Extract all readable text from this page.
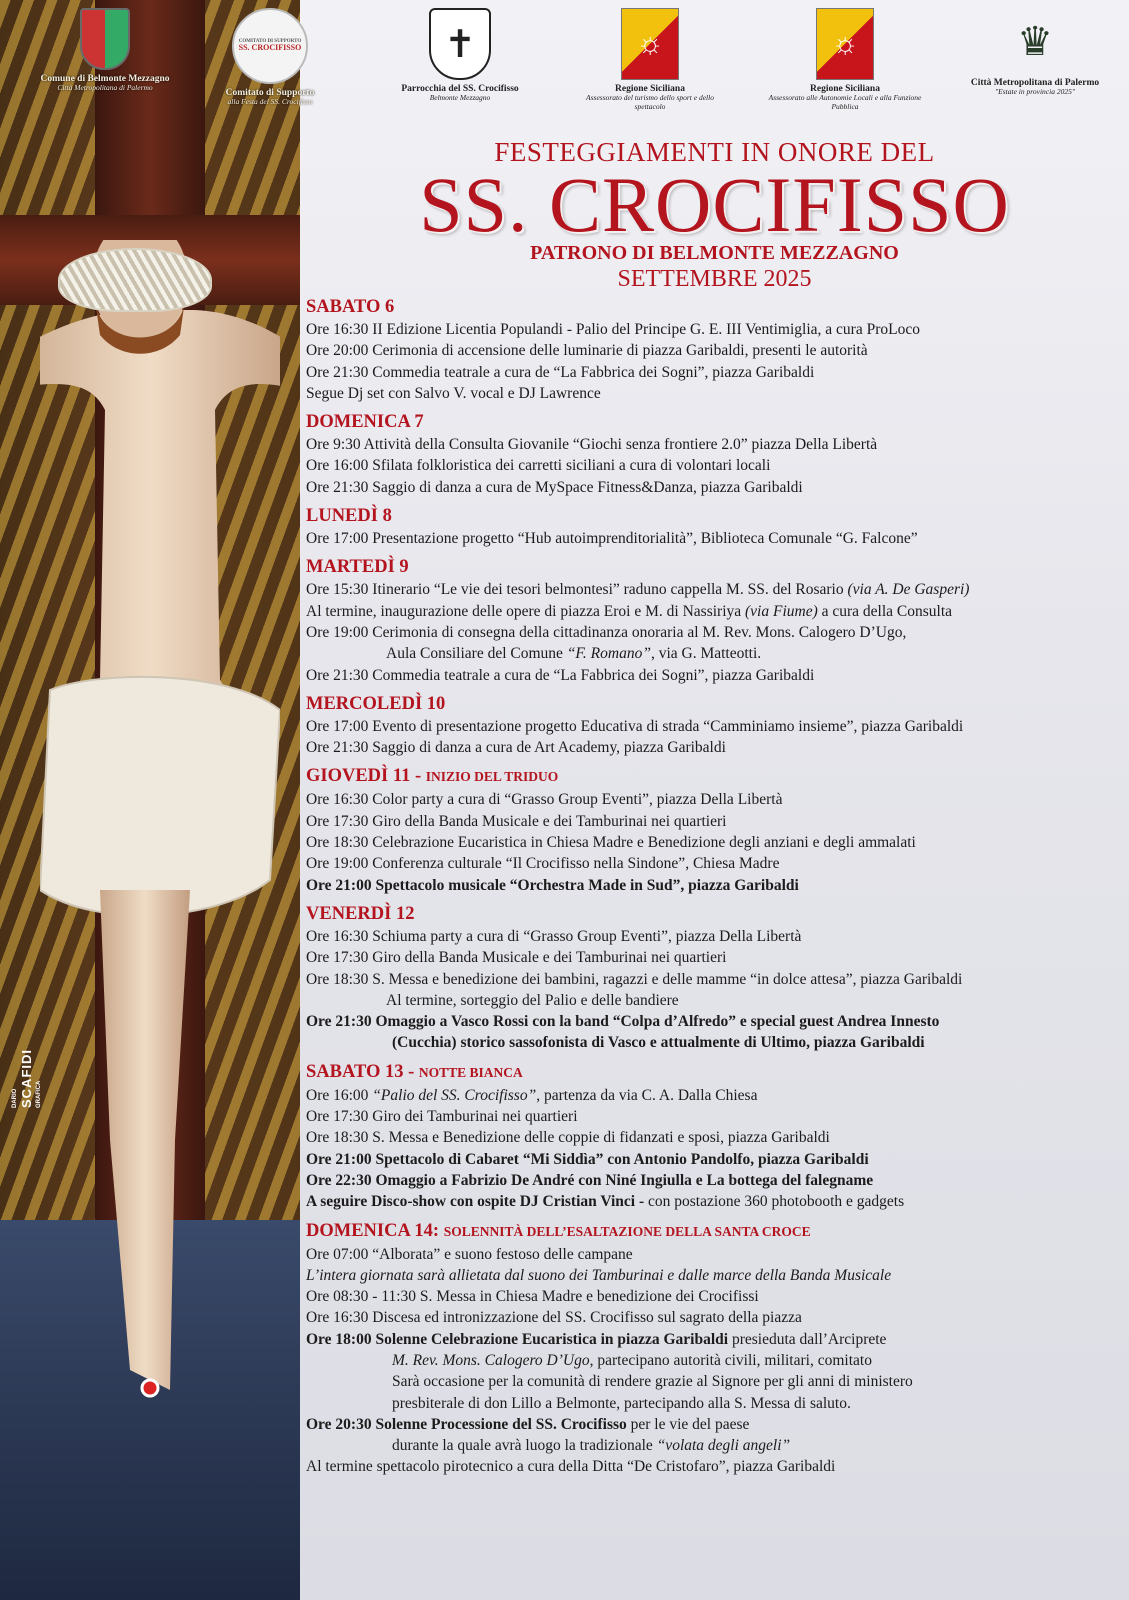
DARIO SCAFIDI GRAFICA
Comune di Belmonte Mezzagno
Città Metropolitana di Palermo
COMITATO DI SUPPORTO
SS. CROCIFISSO
Comitato di Supporto
alla Festa del SS. Crocifisso
✝
Parrocchia del SS. Crocifisso
Belmonte Mezzagno
☼
Regione Siciliana
Assessorato del turismo dello sport e dello spettacolo
☼
Regione Siciliana
Assessorato alle Autonomie Locali e alla Funzione Pubblica
♛
Città Metropolitana di Palermo
"Estate in provincia 2025"
FESTEGGIAMENTI IN ONORE DEL
SS. CROCIFISSO
PATRONO DI BELMONTE MEZZAGNO
SETTEMBRE 2025
SABATO 6
Ore 16:30 II Edizione Licentia Populandi - Palio del Principe G. E. III Ventimiglia, a cura ProLoco
Ore 20:00 Cerimonia di accensione delle luminarie di piazza Garibaldi, presenti le autorità
Ore 21:30 Commedia teatrale a cura de “La Fabbrica dei Sogni”, piazza Garibaldi
Segue Dj set con Salvo V. vocal e DJ Lawrence
DOMENICA 7
Ore 9:30 Attività della Consulta Giovanile “Giochi senza frontiere 2.0” piazza Della Libertà
Ore 16:00 Sfilata folkloristica dei carretti siciliani a cura di volontari locali
Ore 21:30 Saggio di danza a cura de MySpace Fitness&Danza, piazza Garibaldi
LUNEDÌ 8
Ore 17:00 Presentazione progetto “Hub autoimprenditorialità”, Biblioteca Comunale “G. Falcone”
MARTEDÌ 9
Ore 15:30 Itinerario “Le vie dei tesori belmontesi” raduno cappella M. SS. del Rosario (via A. De Gasperi)
Al termine, inaugurazione delle opere di piazza Eroi e M. di Nassiriya (via Fiume) a cura della Consulta
Ore 19:00 Cerimonia di consegna della cittadinanza onoraria al M. Rev. Mons. Calogero D’Ugo,
Aula Consiliare del Comune “F. Romano”, via G. Matteotti.
Ore 21:30 Commedia teatrale a cura de “La Fabbrica dei Sogni”, piazza Garibaldi
MERCOLEDÌ 10
Ore 17:00 Evento di presentazione progetto Educativa di strada “Camminiamo insieme”, piazza Garibaldi
Ore 21:30 Saggio di danza a cura de Art Academy, piazza Garibaldi
GIOVEDÌ 11 - INIZIO DEL TRIDUO
Ore 16:30 Color party a cura di “Grasso Group Eventi”, piazza Della Libertà
Ore 17:30 Giro della Banda Musicale e dei Tamburinai nei quartieri
Ore 18:30 Celebrazione Eucaristica in Chiesa Madre e Benedizione degli anziani e degli ammalati
Ore 19:00 Conferenza culturale “Il Crocifisso nella Sindone”, Chiesa Madre
Ore 21:00 Spettacolo musicale “Orchestra Made in Sud”, piazza Garibaldi
VENERDÌ 12
Ore 16:30 Schiuma party a cura di “Grasso Group Eventi”, piazza Della Libertà
Ore 17:30 Giro della Banda Musicale e dei Tamburinai nei quartieri
Ore 18:30 S. Messa e benedizione dei bambini, ragazzi e delle mamme “in dolce attesa”, piazza Garibaldi
Al termine, sorteggio del Palio e delle bandiere
Ore 21:30 Omaggio a Vasco Rossi con la band “Colpa d’Alfredo” e special guest Andrea Innesto
(Cucchia) storico sassofonista di Vasco e attualmente di Ultimo, piazza Garibaldi
SABATO 13 - NOTTE BIANCA
Ore 16:00 “Palio del SS. Crocifisso”, partenza da via C. A. Dalla Chiesa
Ore 17:30 Giro dei Tamburinai nei quartieri
Ore 18:30 S. Messa e Benedizione delle coppie di fidanzati e sposi, piazza Garibaldi
Ore 21:00 Spettacolo di Cabaret “Mi Siddìa” con Antonio Pandolfo, piazza Garibaldi
Ore 22:30 Omaggio a Fabrizio De André con Niné Ingiulla e La bottega del falegname
A seguire Disco-show con ospite DJ Cristian Vinci - con postazione 360 photobooth e gadgets
DOMENICA 14: SOLENNITÀ DELL’ESALTAZIONE DELLA SANTA CROCE
Ore 07:00 “Alborata” e suono festoso delle campane
L’intera giornata sarà allietata dal suono dei Tamburinai e dalle marce della Banda Musicale
Ore 08:30 - 11:30 S. Messa in Chiesa Madre e benedizione dei Crocifissi
Ore 16:30 Discesa ed intronizzazione del SS. Crocifisso sul sagrato della piazza
Ore 18:00 Solenne Celebrazione Eucaristica in piazza Garibaldi presieduta dall’Arciprete
M. Rev. Mons. Calogero D’Ugo, partecipano autorità civili, militari, comitato
Sarà occasione per la comunità di rendere grazie al Signore per gli anni di ministero
presbiterale di don Lillo a Belmonte, partecipando alla S. Messa di saluto.
Ore 20:30 Solenne Processione del SS. Crocifisso per le vie del paese
durante la quale avrà luogo la tradizionale “volata degli angeli”
Al termine spettacolo pirotecnico a cura della Ditta “De Cristofaro”, piazza Garibaldi
